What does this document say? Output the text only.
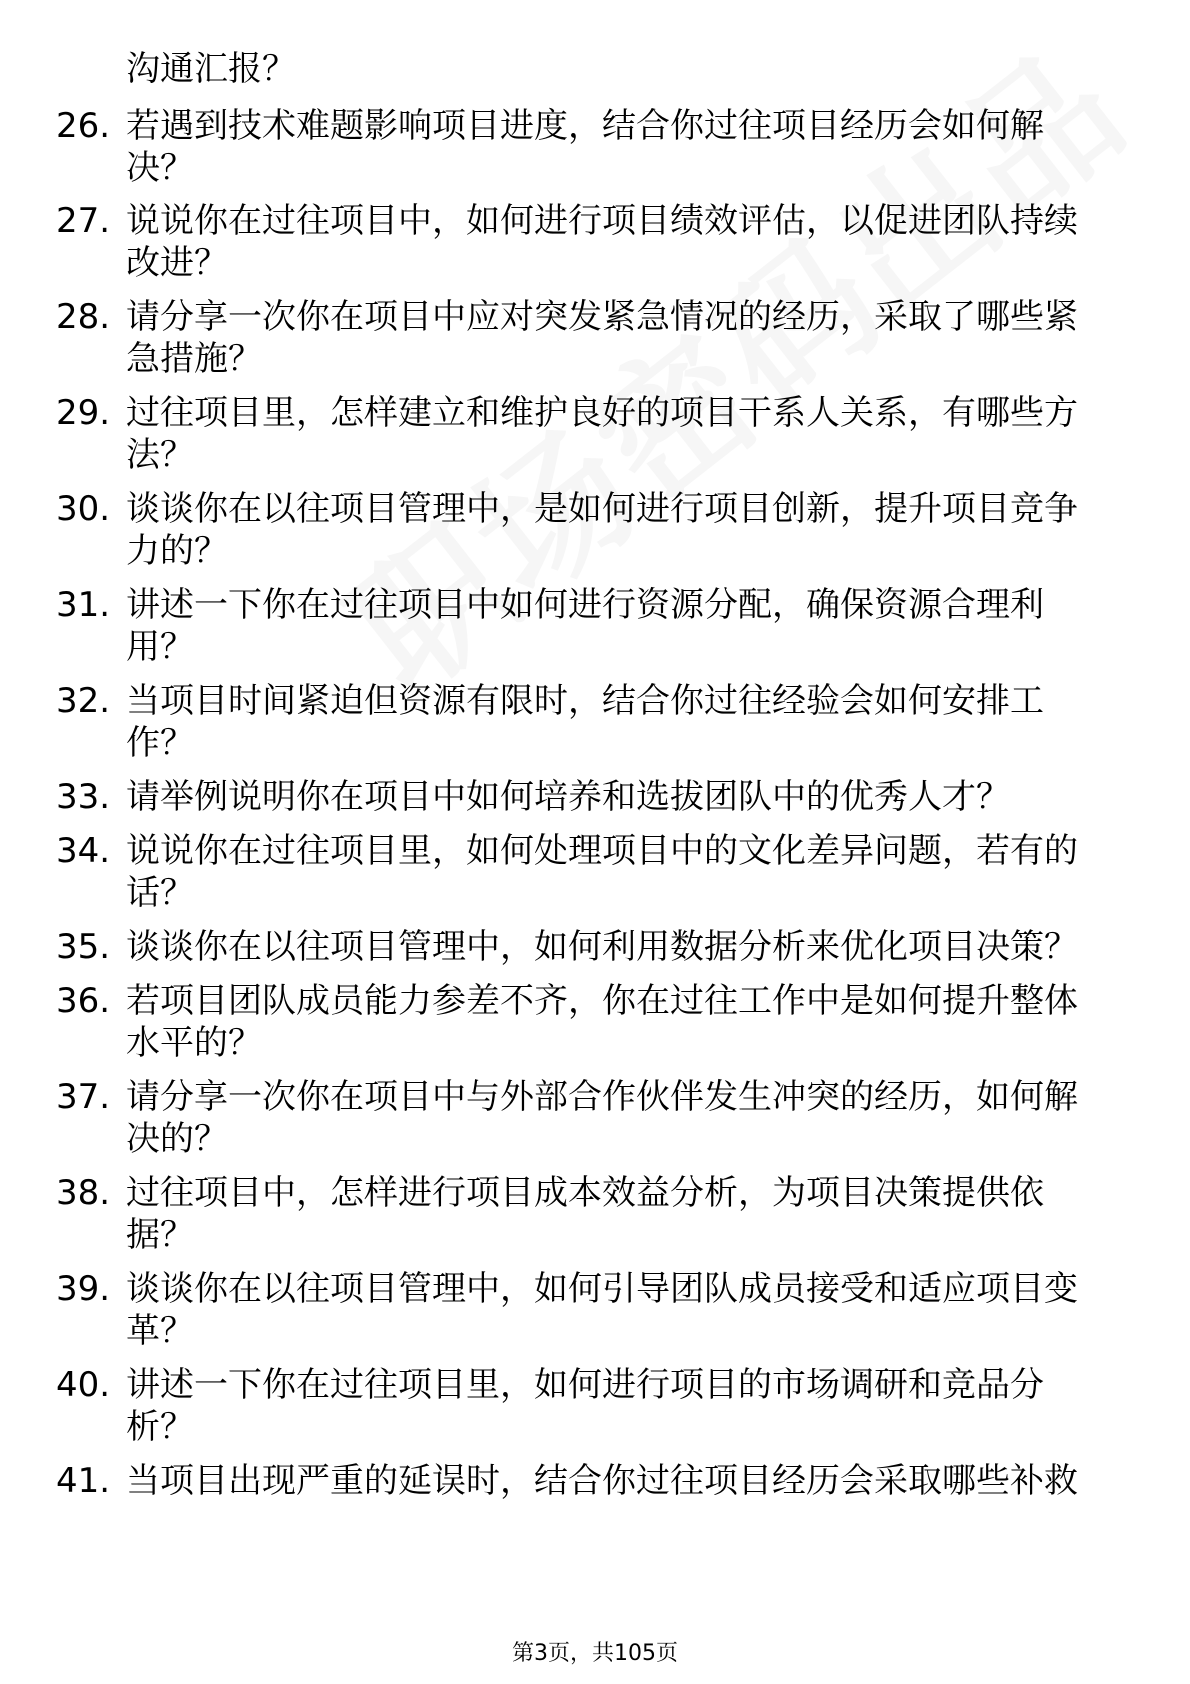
沟通汇报？
26. 若遇到技术难题影响项目进度，结合你过往项目经历会如何解
决？
27. 说说你在过往项目中，如何进行项目绩效评估，以促进团队持续
改进？
28. 请分享一次你在项目中应对突发紧急情况的经历，采取了哪些紧
急措施？
29. 过往项目里，怎样建立和维护良好的项目干系人关系，有哪些方
法？
30. 谈谈你在以往项目管理中，是如何进行项目创新，提升项目竞争
力的？
31. 讲述一下你在过往项目中如何进行资源分配，确保资源合理利
用？
32. 当项目时间紧迫但资源有限时，结合你过往经验会如何安排工
作？
33. 请举例说明你在项目中如何培养和选拔团队中的优秀人才？
34. 说说你在过往项目里，如何处理项目中的文化差异问题，若有的
话？
35. 谈谈你在以往项目管理中，如何利用数据分析来优化项目决策？
36. 若项目团队成员能力参差不齐，你在过往工作中是如何提升整体
水平的？
37. 请分享一次你在项目中与外部合作伙伴发生冲突的经历，如何解
决的？
38. 过往项目中，怎样进行项目成本效益分析，为项目决策提供依
据？
39. 谈谈你在以往项目管理中，如何引导团队成员接受和适应项目变
革？
40. 讲述一下你在过往项目里，如何进行项目的市场调研和竞品分
析？
41. 当项目出现严重的延误时，结合你过往项目经历会采取哪些补救
第3页，共105页
